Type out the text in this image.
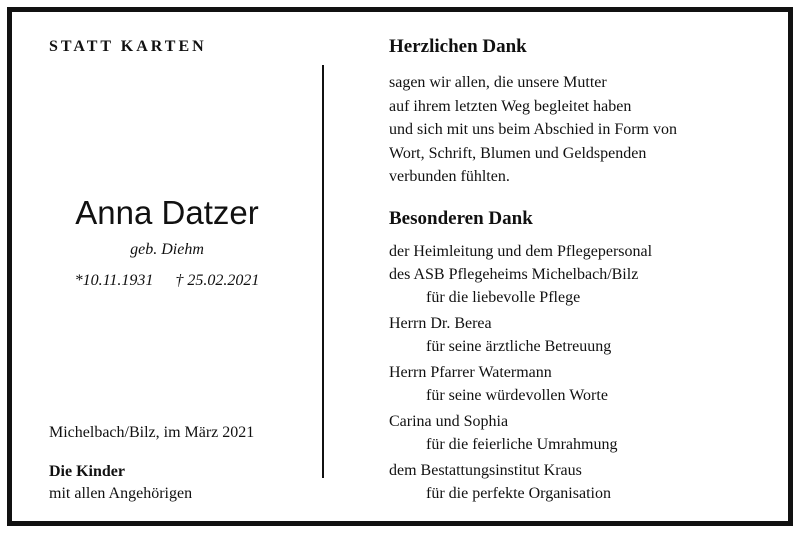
STATT KARTEN
Anna Datzer
geb. Diehm
*10.11.1931 † 25.02.2021
Michelbach/Bilz, im März 2021
Die Kinder
mit allen Angehörigen
Herzlichen Dank
sagen wir allen, die unsere Mutter
auf ihrem letzten Weg begleitet haben
und sich mit uns beim Abschied in Form von
Wort, Schrift, Blumen und Geldspenden
verbunden fühlten.
Besonderen Dank
der Heimleitung und dem Pflegepersonal
des ASB Pflegeheims Michelbach/Bilz
für die liebevolle Pflege
Herrn Dr. Berea
für seine ärztliche Betreuung
Herrn Pfarrer Watermann
für seine würdevollen Worte
Carina und Sophia
für die feierliche Umrahmung
dem Bestattungsinstitut Kraus
für die perfekte Organisation
